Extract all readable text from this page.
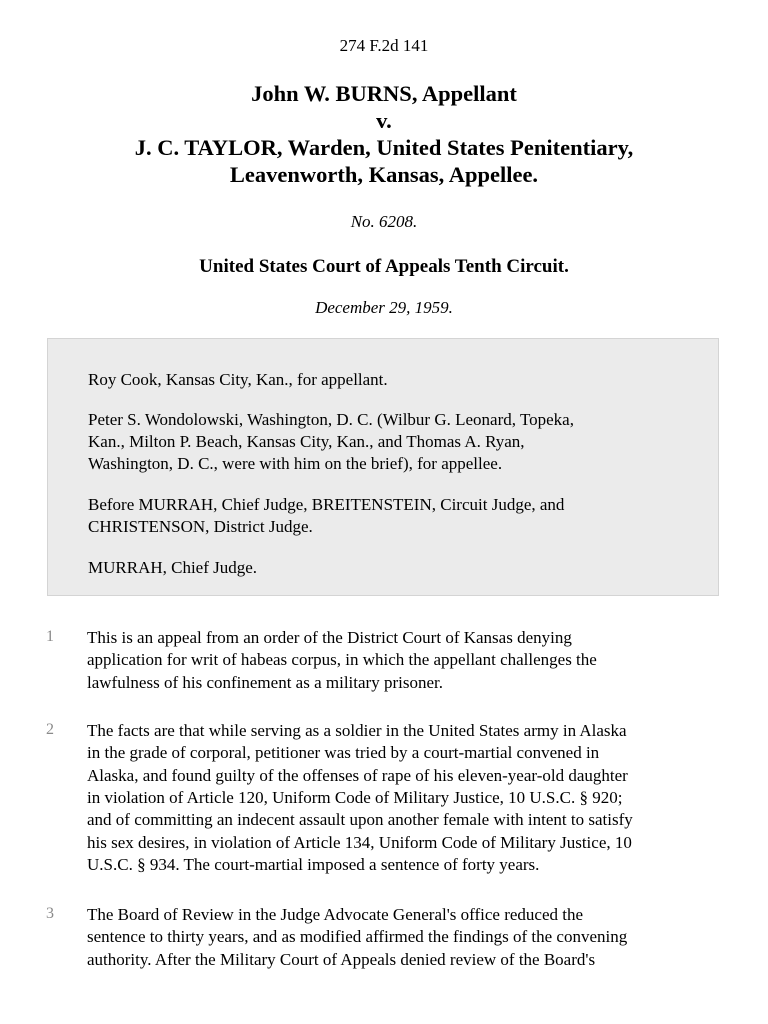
274 F.2d 141
John W. BURNS, Appellant
v.
J. C. TAYLOR, Warden, United States Penitentiary,
Leavenworth, Kansas, Appellee.
No. 6208.
United States Court of Appeals Tenth Circuit.
December 29, 1959.
Roy Cook, Kansas City, Kan., for appellant.
Peter S. Wondolowski, Washington, D. C. (Wilbur G. Leonard, Topeka,
Kan., Milton P. Beach, Kansas City, Kan., and Thomas A. Ryan,
Washington, D. C., were with him on the brief), for appellee.
Before MURRAH, Chief Judge, BREITENSTEIN, Circuit Judge, and
CHRISTENSON, District Judge.
MURRAH, Chief Judge.
1 This is an appeal from an order of the District Court of Kansas denying
application for writ of habeas corpus, in which the appellant challenges the
lawfulness of his confinement as a military prisoner.
2 The facts are that while serving as a soldier in the United States army in Alaska
in the grade of corporal, petitioner was tried by a court-martial convened in
Alaska, and found guilty of the offenses of rape of his eleven-year-old daughter
in violation of Article 120, Uniform Code of Military Justice, 10 U.S.C. § 920;
and of committing an indecent assault upon another female with intent to satisfy
his sex desires, in violation of Article 134, Uniform Code of Military Justice, 10
U.S.C. § 934. The court-martial imposed a sentence of forty years.
3 The Board of Review in the Judge Advocate General's office reduced the
sentence to thirty years, and as modified affirmed the findings of the convening
authority. After the Military Court of Appeals denied review of the Board's
